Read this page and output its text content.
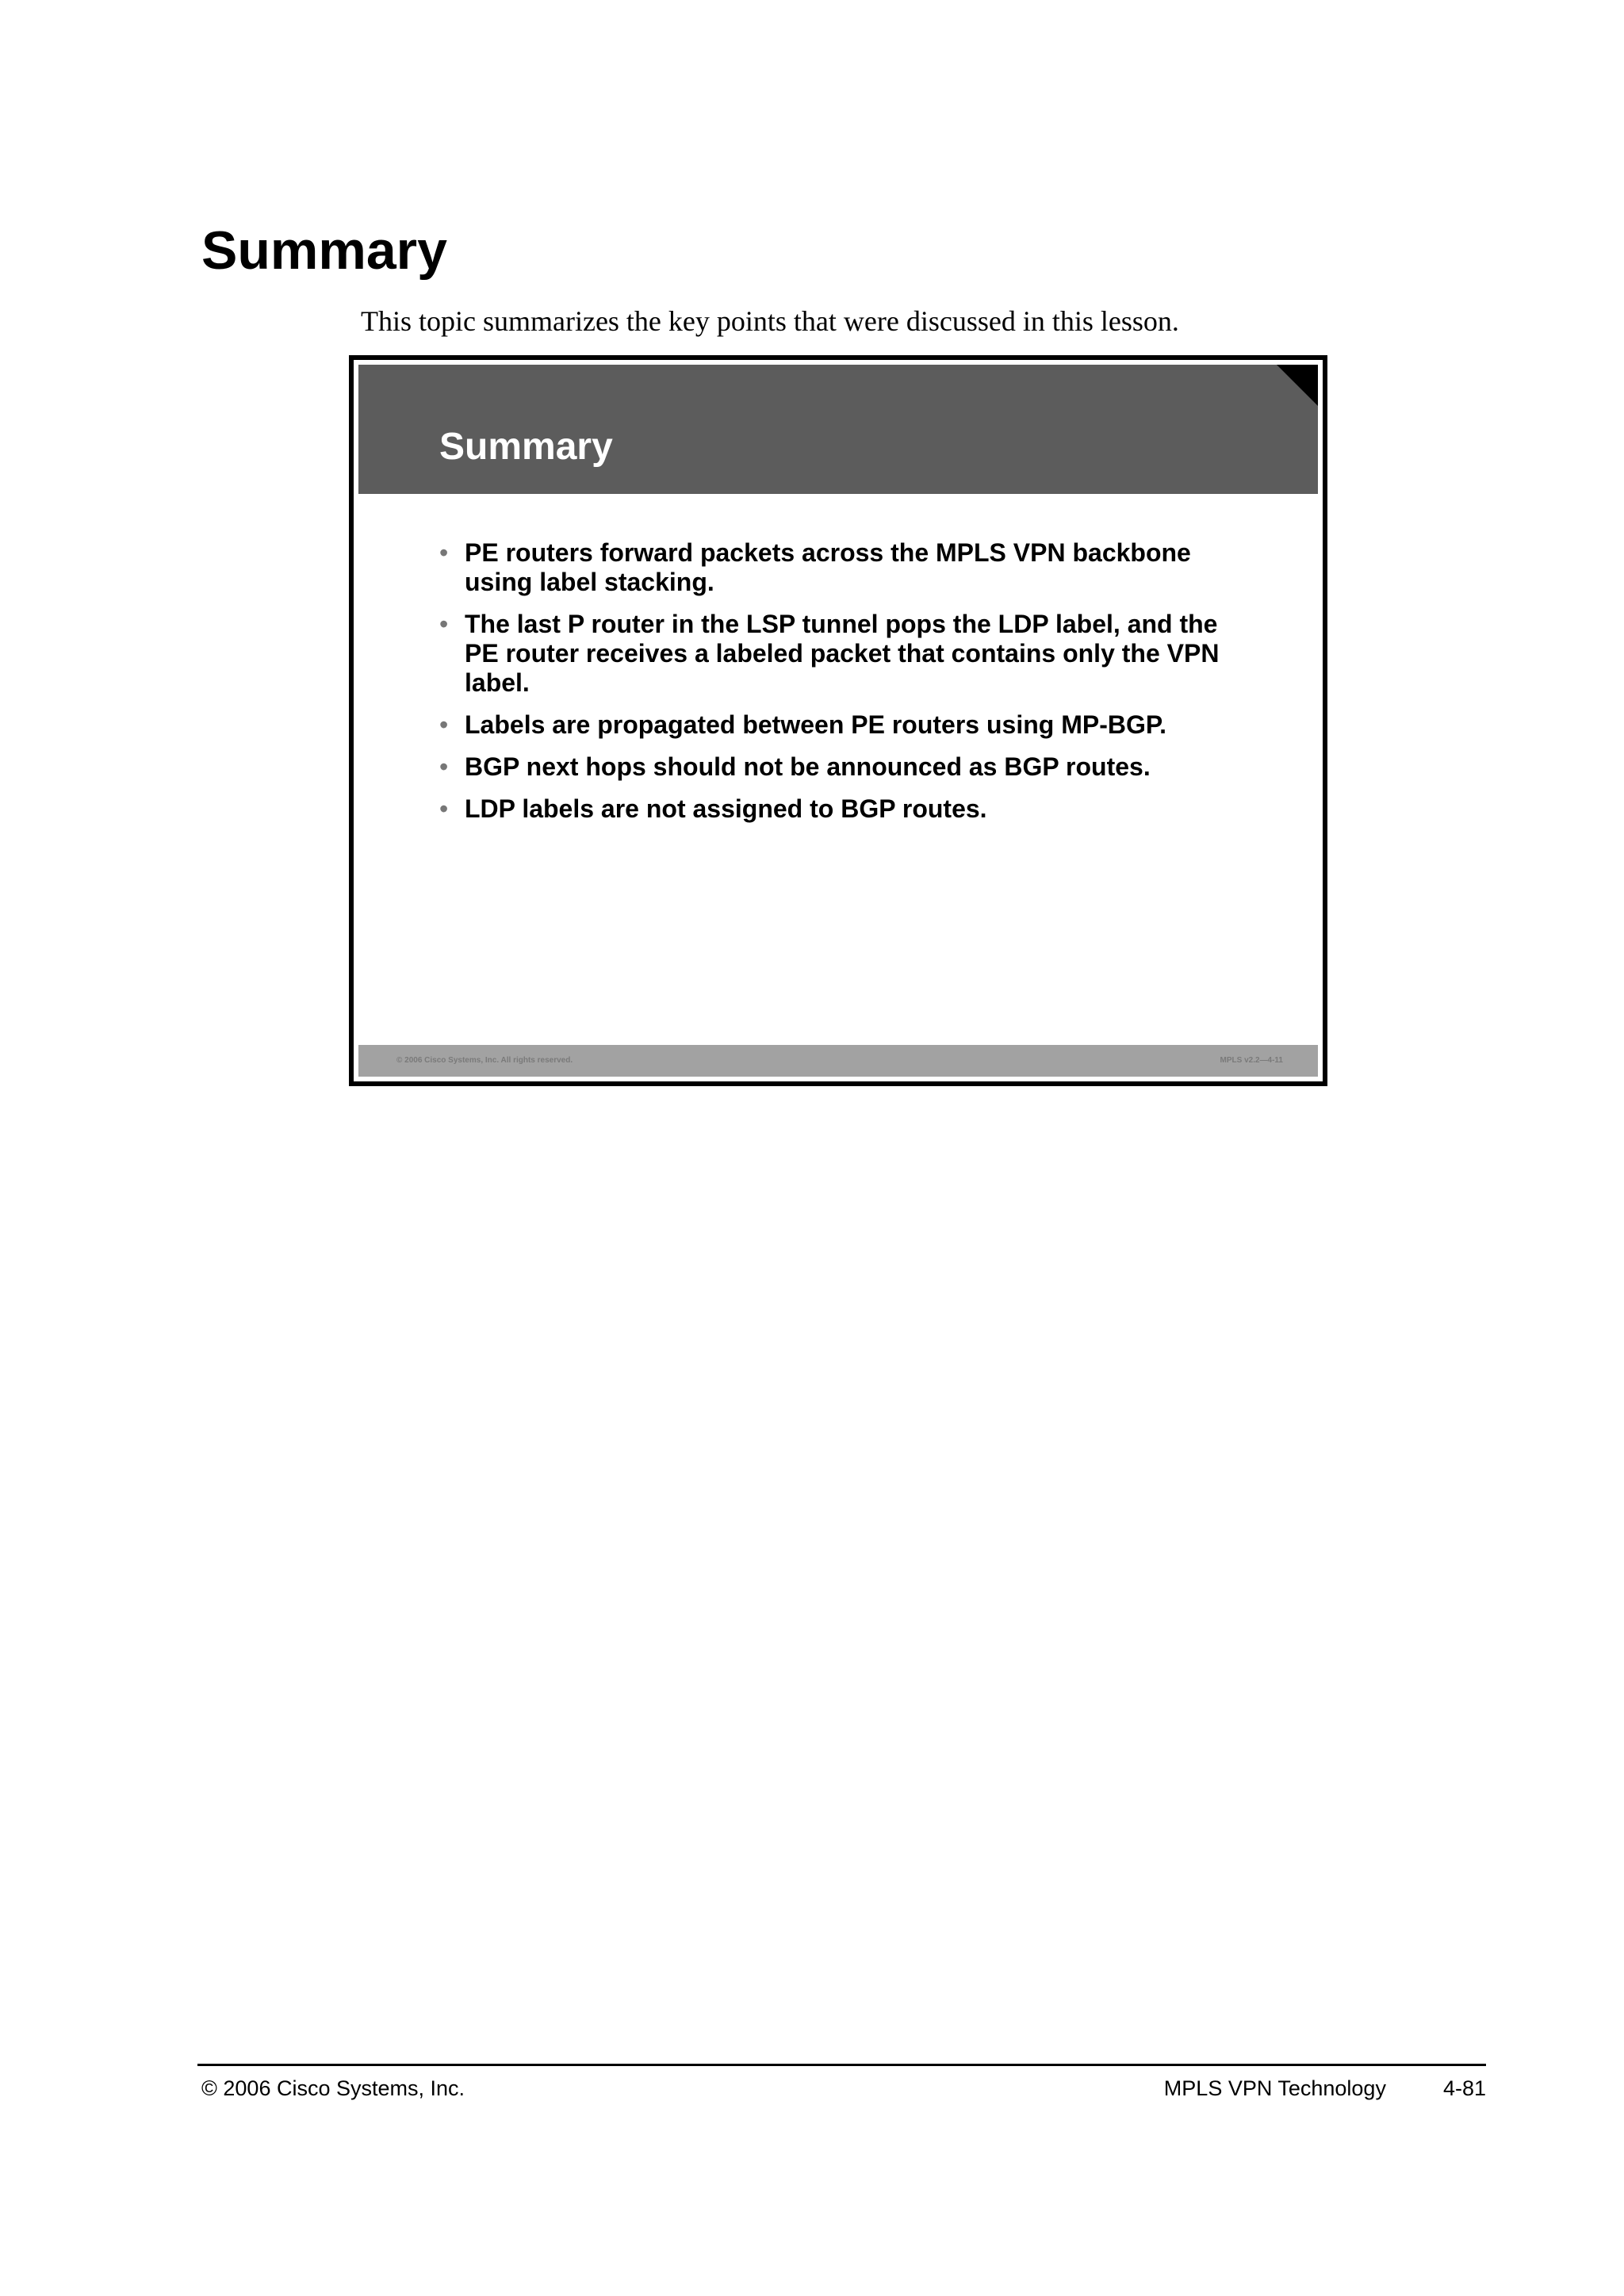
Summary

This topic summarizes the key points that were discussed in this lesson.

Summary
• PE routers forward packets across the MPLS VPN backbone using label stacking.
• The last P router in the LSP tunnel pops the LDP label, and the PE router receives a labeled packet that contains only the VPN label.
• Labels are propagated between PE routers using MP-BGP.
• BGP next hops should not be announced as BGP routes.
• LDP labels are not assigned to BGP routes.
© 2006 Cisco Systems, Inc. All rights reserved.	MPLS v2.2—4-11
© 2006 Cisco Systems, Inc.	MPLS VPN Technology	4-81
